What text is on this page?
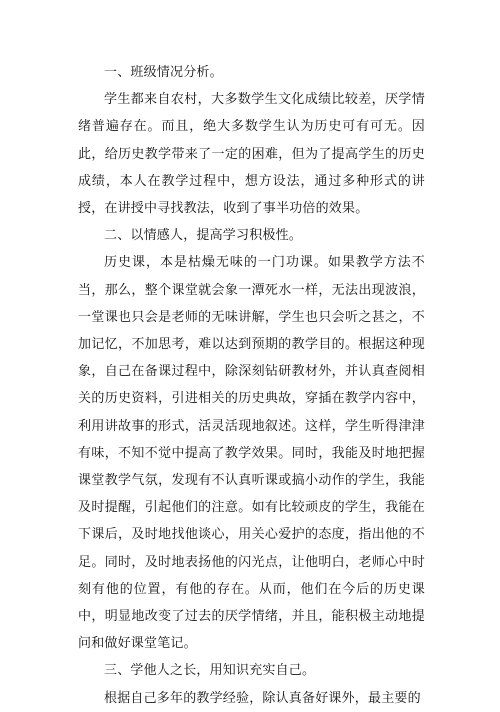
一、班级情况分析。

学生都来自农村，大多数学生文化成绩比较差，厌学情绪普遍存在。而且，绝大多数学生认为历史可有可无。因此，给历史教学带来了一定的困难，但为了提高学生的历史成绩，本人在教学过程中，想方设法，通过多种形式的讲授，在讲授中寻找教法，收到了事半功倍的效果。

二、以情感人，提高学习积极性。

历史课，本是枯燥无味的一门功课。如果教学方法不当，那么，整个课堂就会象一潭死水一样，无法出现波浪，一堂课也只会是老师的无味讲解，学生也只会听之甚之，不加记忆，不加思考，难以达到预期的教学目的。根据这种现象，自己在备课过程中，除深刻钻研教材外，并认真查阅相关的历史资料，引进相关的历史典故，穿插在教学内容中，利用讲故事的形式，活灵活现地叙述。这样，学生听得津津有味，不知不觉中提高了教学效果。同时，我能及时地把握课堂教学气氛，发现有不认真听课或搞小动作的学生，我能及时提醒，引起他们的注意。如有比较顽皮的学生，我能在下课后，及时地找他谈心，用关心爱护的态度，指出他的不足。同时，及时地表扬他的闪光点，让他明白，老师心中时刻有他的位置，有他的存在。从而，他们在今后的历史课中，明显地改变了过去的厌学情绪，并且，能积极主动地提问和做好课堂笔记。

三、学他人之长，用知识充实自己。

根据自己多年的教学经验，除认真备好课外，最主要的
